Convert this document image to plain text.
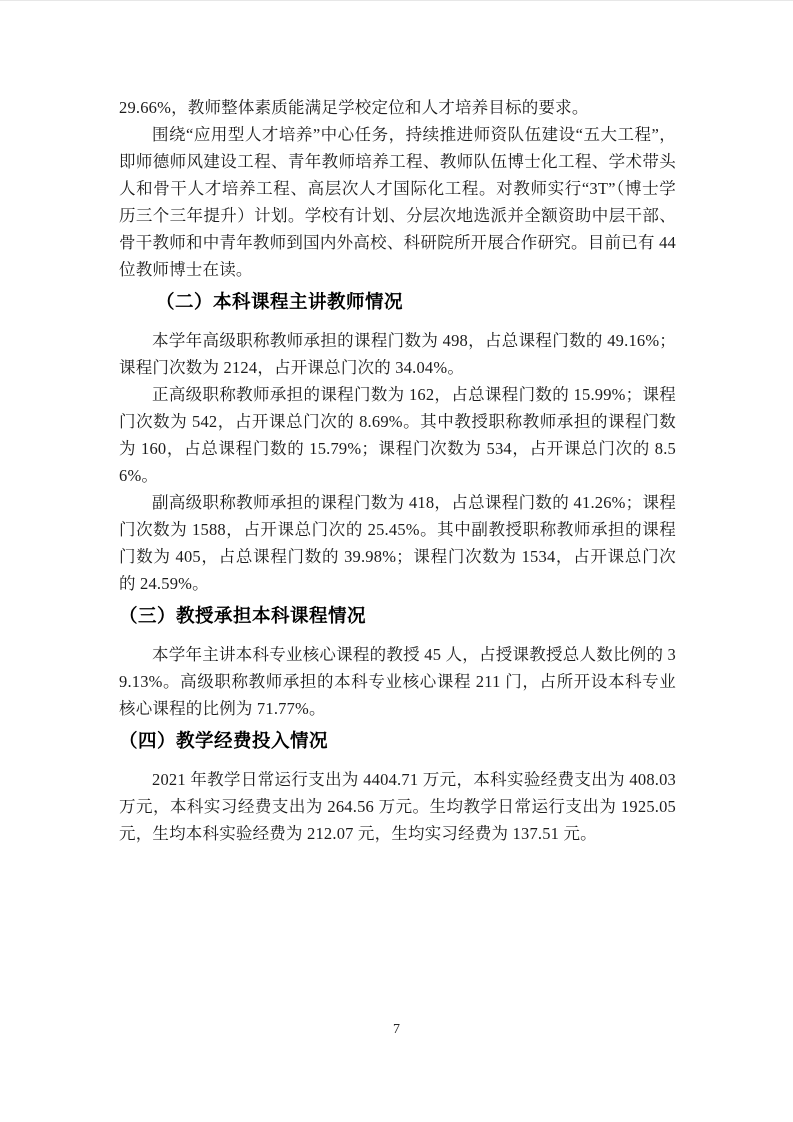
29.66%，教师整体素质能满足学校定位和人才培养目标的要求。

围绕“应用型人才培养”中心任务，持续推进师资队伍建设“五大工程”，即师德师风建设工程、青年教师培养工程、教师队伍博士化工程、学术带头人和骨干人才培养工程、高层次人才国际化工程。对教师实行“3T”（博士学历三个三年提升）计划。学校有计划、分层次地选派并全额资助中层干部、骨干教师和中青年教师到国内外高校、科研院所开展合作研究。目前已有 44 位教师博士在读。

（二）本科课程主讲教师情况

本学年高级职称教师承担的课程门数为 498，占总课程门数的 49.16%；课程门次数为 2124，占开课总门次的 34.04%。

正高级职称教师承担的课程门数为 162，占总课程门数的 15.99%；课程门次数为 542，占开课总门次的 8.69%。其中教授职称教师承担的课程门数为 160，占总课程门数的 15.79%；课程门次数为 534，占开课总门次的 8.56%。

副高级职称教师承担的课程门数为 418，占总课程门数的 41.26%；课程门次数为 1588，占开课总门次的 25.45%。其中副教授职称教师承担的课程门数为 405，占总课程门数的 39.98%；课程门次数为 1534，占开课总门次的 24.59%。

（三）教授承担本科课程情况

本学年主讲本科专业核心课程的教授 45 人，占授课教授总人数比例的 39.13%。高级职称教师承担的本科专业核心课程 211 门，占所开设本科专业核心课程的比例为 71.77%。

（四）教学经费投入情况

2021 年教学日常运行支出为 4404.71 万元，本科实验经费支出为 408.03 万元，本科实习经费支出为 264.56 万元。生均教学日常运行支出为 1925.05 元，生均本科实验经费为 212.07 元，生均实习经费为 137.51 元。

7
